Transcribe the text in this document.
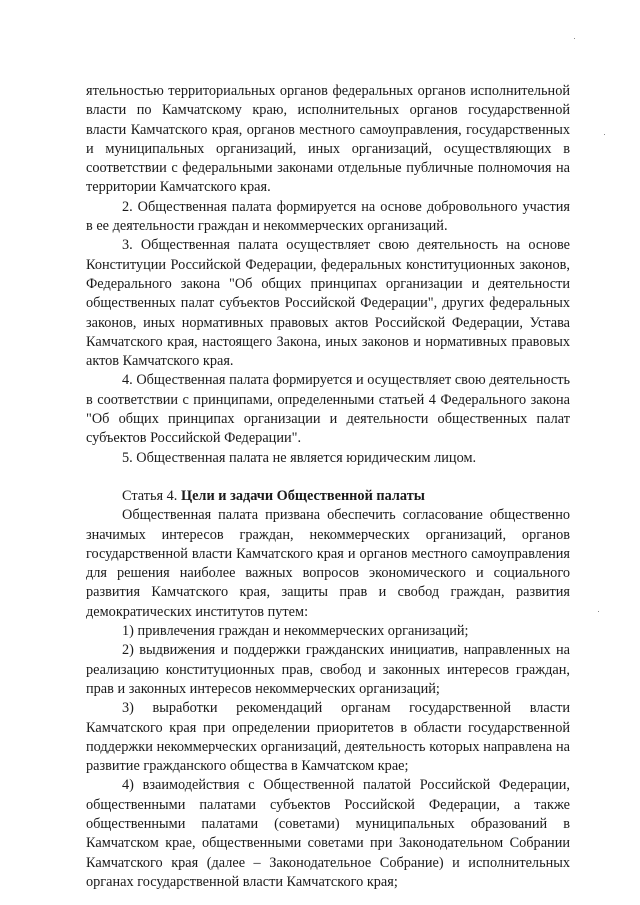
ятельностью территориальных органов федеральных органов исполнительной власти по Камчатскому краю, исполнительных органов государственной власти Камчатского края, органов местного самоуправления, государственных и муниципальных организаций, иных организаций, осуществляющих в соответствии с федеральными законами отдельные публичные полномочия на территории Камчатского края.

2. Общественная палата формируется на основе добровольного участия в ее деятельности граждан и некоммерческих организаций.

3. Общественная палата осуществляет свою деятельность на основе Конституции Российской Федерации, федеральных конституционных законов, Федерального закона "Об общих принципах организации и деятельности общественных палат субъектов Российской Федерации", других федеральных законов, иных нормативных правовых актов Российской Федерации, Устава Камчатского края, настоящего Закона, иных законов и нормативных правовых актов Камчатского края.

4. Общественная палата формируется и осуществляет свою деятельность в соответствии с принципами, определенными статьей 4 Федерального закона "Об общих принципах организации и деятельности общественных палат субъектов Российской Федерации".

5. Общественная палата не является юридическим лицом.

Статья 4. Цели и задачи Общественной палаты

Общественная палата призвана обеспечить согласование общественно значимых интересов граждан, некоммерческих организаций, органов государственной власти Камчатского края и органов местного самоуправления для решения наиболее важных вопросов экономического и социального развития Камчатского края, защиты прав и свобод граждан, развития демократических институтов путем:

1) привлечения граждан и некоммерческих организаций;

2) выдвижения и поддержки гражданских инициатив, направленных на реализацию конституционных прав, свобод и законных интересов граждан, прав и законных интересов некоммерческих организаций;

3) выработки рекомендаций органам государственной власти Камчатского края при определении приоритетов в области государственной поддержки некоммерческих организаций, деятельность которых направлена на развитие гражданского общества в Камчатском крае;

4) взаимодействия с Общественной палатой Российской Федерации, общественными палатами субъектов Российской Федерации, а также общественными палатами (советами) муниципальных образований в Камчатском крае, общественными советами при Законодательном Собрании Камчатского края (далее – Законодательное Собрание) и исполнительных органах государственной власти Камчатского края;
